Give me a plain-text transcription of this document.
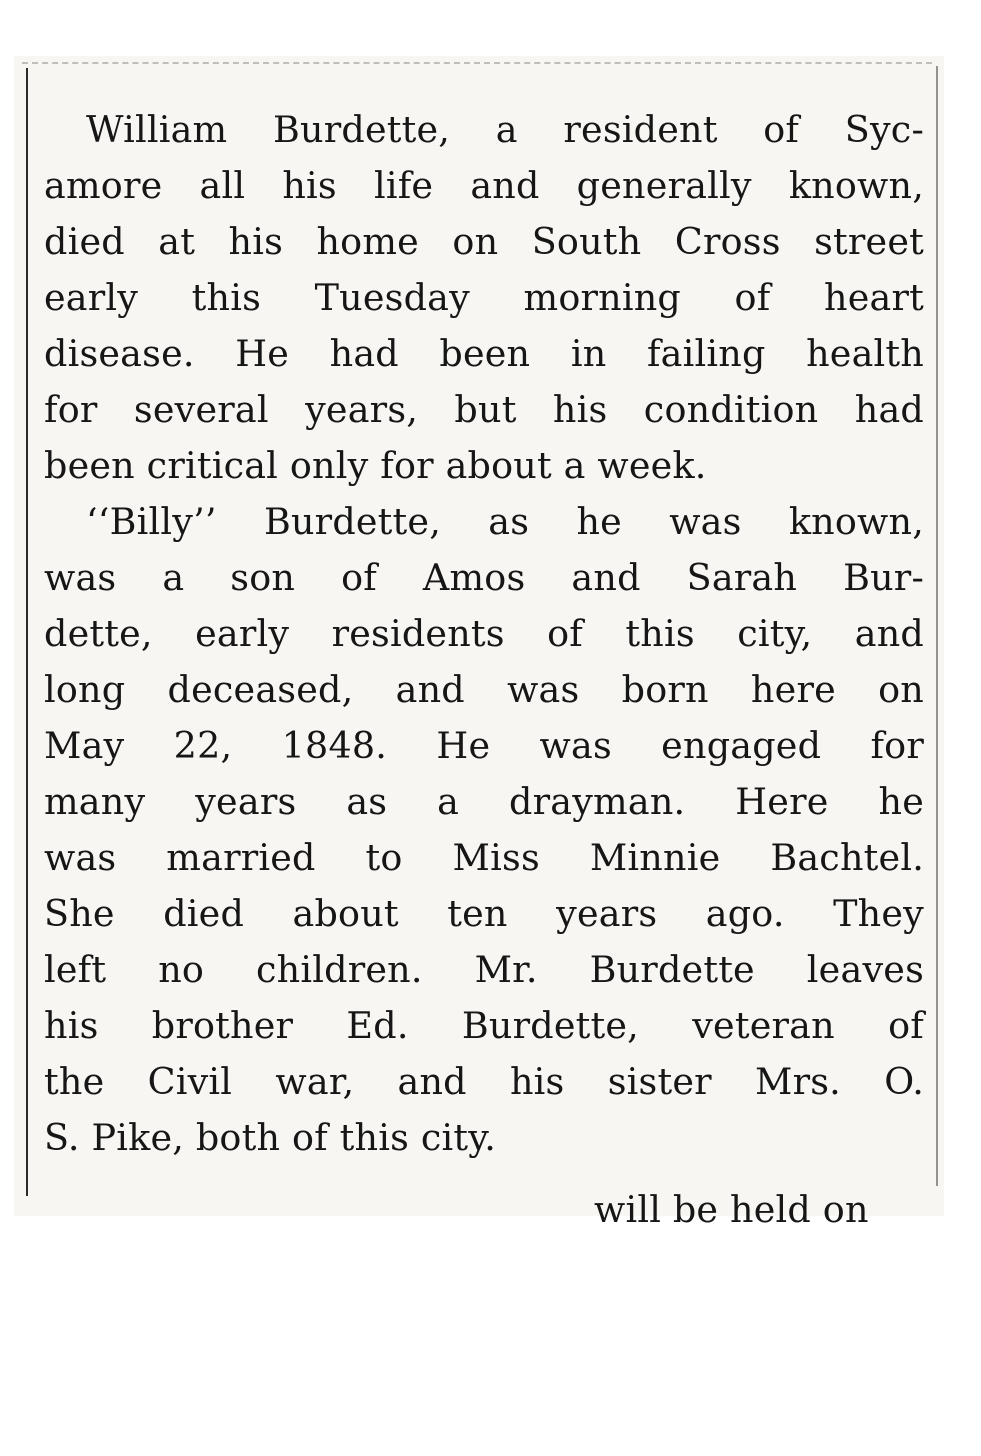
William Burdette, a resident of Syc-
amore all his life and generally known,
died at his home on South Cross street
early this Tuesday morning of heart
disease. He had been in failing health
for several years, but his condition had
been critical only for about a week.
‘‘Billy’’ Burdette, as he was known,
was a son of Amos and Sarah Bur-
dette, early residents of this city, and
long deceased, and was born here on
May 22, 1848. He was engaged for
many years as a drayman. Here he
was married to Miss Minnie Bachtel.
She died about ten years ago. They
left no children. Mr. Burdette leaves
his brother Ed. Burdette, veteran of
the Civil war, and his sister Mrs. O.
S. Pike, both of this city.
will be held on
